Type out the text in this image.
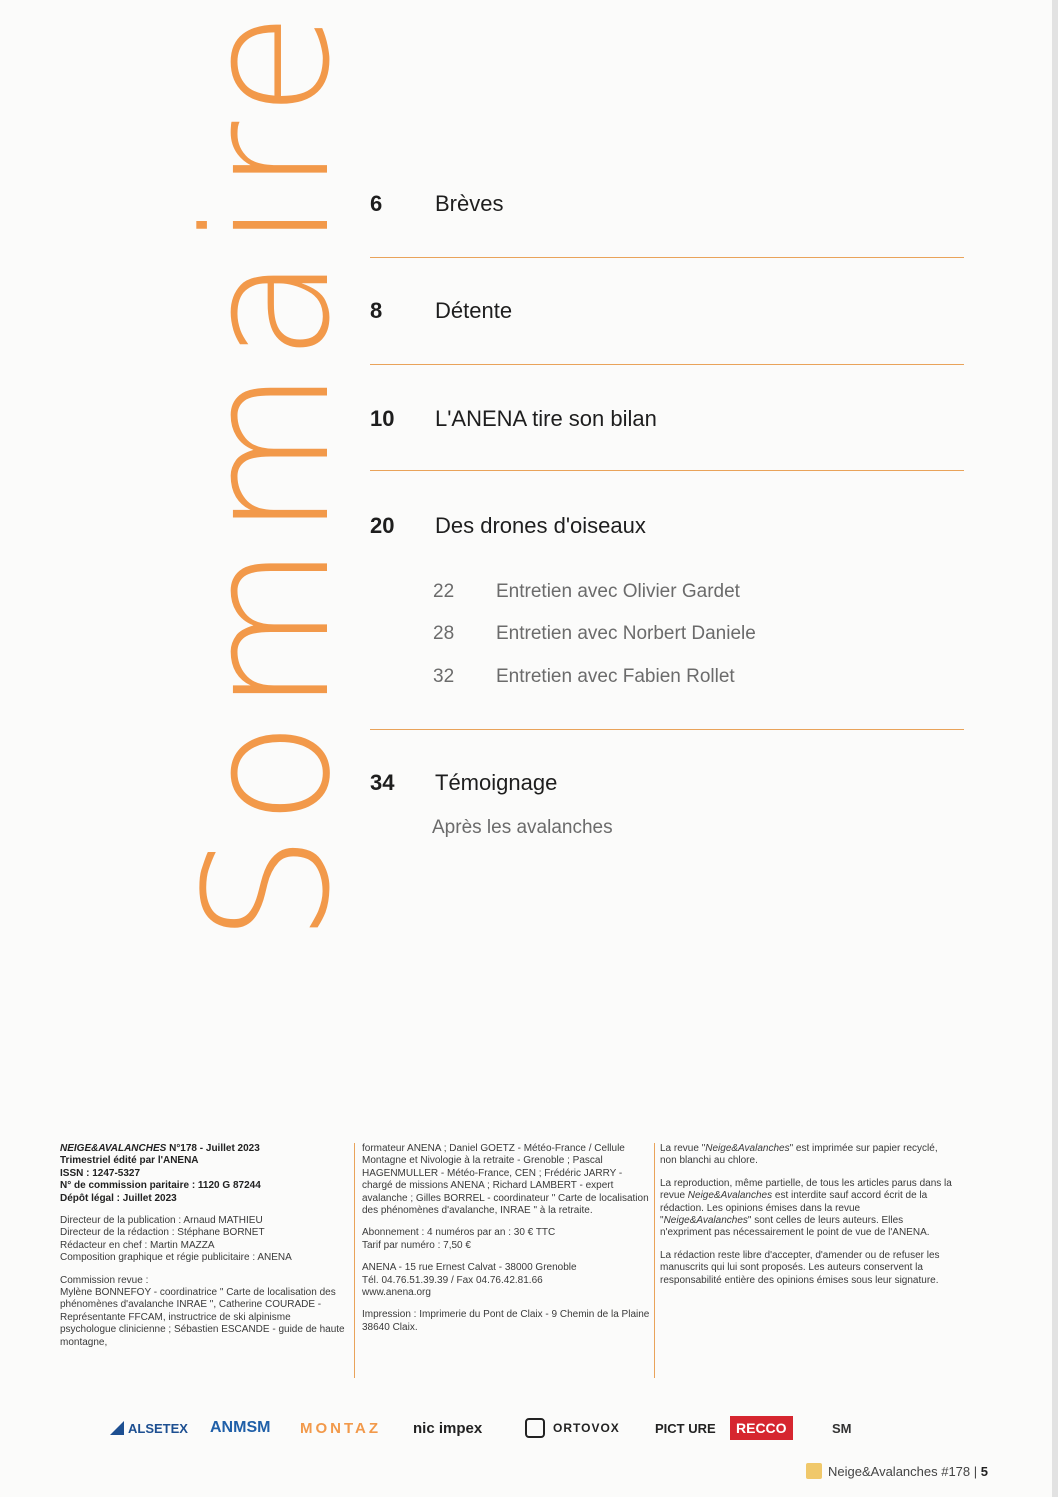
Sommaire 6	Brèves
8	Détente
10	L'ANENA tire son bilan
20	Des drones d'oiseaux
22 Entretien avec Olivier Gardet
28 Entretien avec Norbert Daniele
32 Entretien avec Fabien Rollet
34	Témoignage
Après les avalanches
NEIGE&AVALANCHES N°178 - Juillet 2023
Trimestriel édité par l'ANENA
ISSN : 1247-5327
N° de commission paritaire : 1120 G 87244
Dépôt légal : Juillet 2023

Directeur de la publication : Arnaud MATHIEU
Directeur de la rédaction : Stéphane BORNET
Rédacteur en chef : Martin MAZZA
Composition graphique et régie publicitaire : ANENA

Commission revue :
Mylène BONNEFOY - coordinatrice " Carte de localisation des phénomènes d'avalanche INRAE ", Catherine COURADE - Représentante FFCAM, instructrice de ski alpinisme psychologue clinicienne ; Sébastien ESCANDE - guide de haute montagne,

formateur ANENA ; Daniel GOETZ - Météo-France / Cellule Montagne et Nivologie à la retraite - Grenoble ; Pascal HAGENMULLER - Météo-France, CEN ; Frédéric JARRY - chargé de missions ANENA ; Richard LAMBERT - expert avalanche ; Gilles BORREL - coordinateur " Carte de localisation des phénomènes d'avalanche, INRAE " à la retraite.

Abonnement : 4 numéros par an : 30 € TTC
Tarif par numéro : 7,50 €

ANENA - 15 rue Ernest Calvat - 38000 Grenoble
Tél. 04.76.51.39.39 / Fax 04.76.42.81.66
www.anena.org

Impression : Imprimerie du Pont de Claix - 9 Chemin de la Plaine 38640 Claix.

La revue "Neige&Avalanches" est imprimée sur papier recyclé, non blanchi au chlore.

La reproduction, même partielle, de tous les articles parus dans la revue Neige&Avalanches est interdite sauf accord écrit de la rédaction. Les opinions émises dans la revue "Neige&Avalanches" sont celles de leurs auteurs. Elles n'expriment pas nécessairement le point de vue de l'ANENA.

La rédaction reste libre d'accepter, d'amender ou de refuser les manuscrits qui lui sont proposés. Les auteurs conservent la responsabilité entière des opinions émises sous leur signature.

ALSETEX ANMSM MONTAZ nic impex	ORTOVOX	PICT URE	RECCO	SM
Neige&Avalanches #178 | 5
